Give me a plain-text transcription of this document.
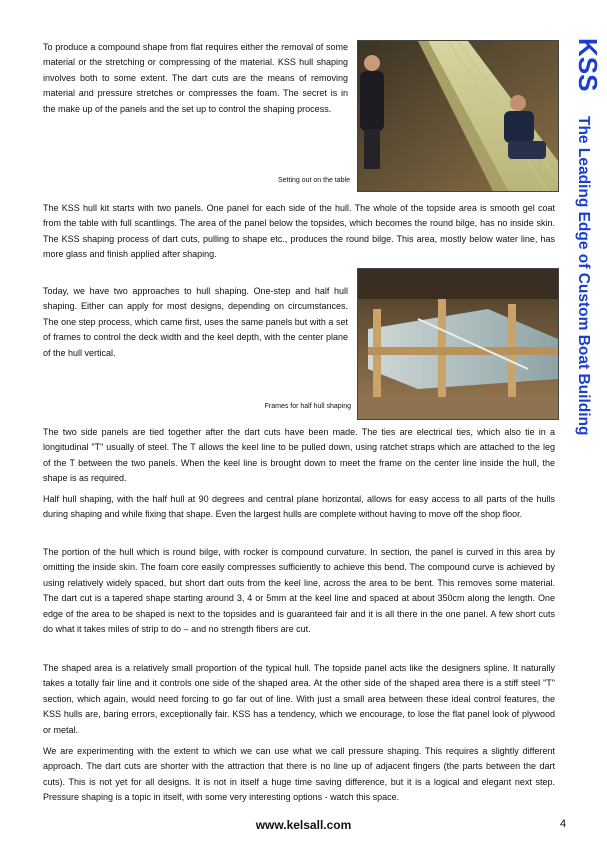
KSS
The Leading Edge of Custom Boat Building

To produce a compound shape from flat requires either the removal of some material or the stretching or compressing of the material. KSS hull shaping involves both to some extent. The dart cuts are the means of removing material and pressure stretches or compresses the foam. The secret is in the make up of the panels and the set up to control the shaping process.

Setting out on the table

The KSS hull kit starts with two panels. One panel for each side of the hull. The whole of the topside area is smooth gel coat from the table with full scantlings. The area of the panel below the topsides, which becomes the round bilge, has no inside skin. The KSS shaping process of dart cuts, pulling to shape etc., produces the round bilge. This area, mostly below water line, has more glass and finish applied after shaping.

Today, we have two approaches to hull shaping. One-step and half hull shaping. Either can apply for most designs, depending on circumstances. The one step process, which came first, uses the same panels but with a set of frames to control the deck width and the keel depth, with the center plane of the hull vertical.

Frames for half hull shaping

The two side panels are tied together after the dart cuts have been made. The ties are electrical ties, which also tie in a longitudinal "T" usually of steel. The T allows the keel line to be pulled down, using ratchet straps which are attached to the leg of the T between the two panels. When the keel line is brought down to meet the frame on the center line inside the hull, the shape is as required.

Half hull shaping, with the half hull at 90 degrees and central plane horizontal, allows for easy access to all parts of the hulls during shaping and while fixing that shape. Even the largest hulls are complete without having to move off the shop floor.

The portion of the hull which is round bilge, with rocker is compound curvature. In section, the panel is curved in this area by omitting the inside skin. The foam core easily compresses sufficiently to achieve this bend. The compound curve is achieved by using relatively widely spaced, but short dart outs from the keel line, across the area to be bent. This removes some material. The dart cut is a tapered shape starting around 3, 4 or 5mm at the keel line and spaced at about 350cm along the length. One edge of the area to be shaped is next to the topsides and is guaranteed fair and it is all there in the one panel. A few short cuts do what it takes miles of strip to do – and no strength fibers are cut.

The shaped area is a relatively small proportion of the typical hull. The topside panel acts like the designers spline. It naturally takes a totally fair line and it controls one side of the shaped area. At the other side of the shaped area there is a stiff steel "T" section, which again, would need forcing to go far out of line. With just a small area between these ideal control features, the KSS hulls are, baring errors, exceptionally fair. KSS has a tendency, which we encourage, to lose the flat panel look of plywood or metal.

We are experimenting with the extent to which we can use what we call pressure shaping. This requires a slightly different approach. The dart cuts are shorter with the attraction that there is no line up of adjacent fingers (the parts between the dart cuts). This is not yet for all designs. It is not in itself a huge time saving difference, but it is a logical and elegant next step. Pressure shaping is a topic in itself, with some very interesting options - watch this space.

www.kelsall.com	4
